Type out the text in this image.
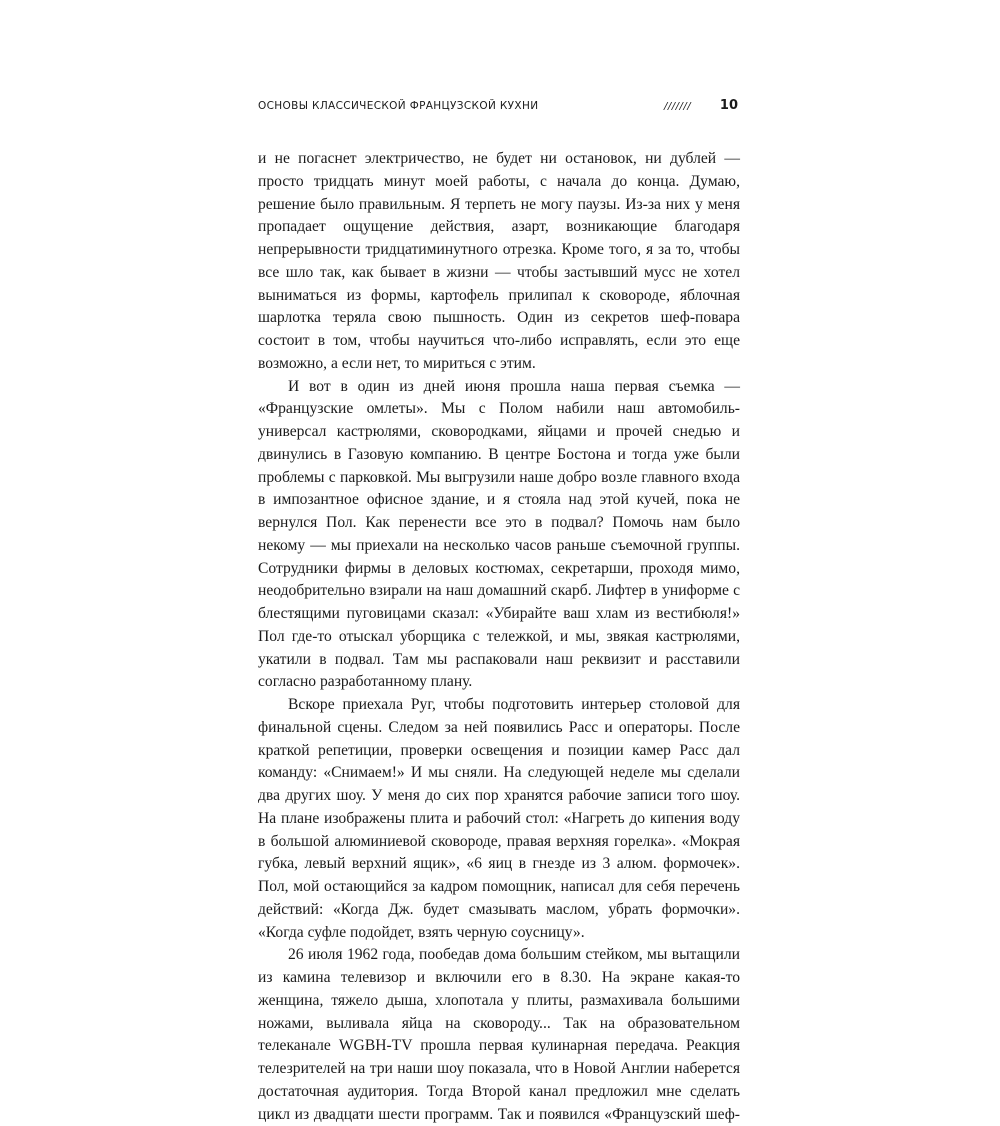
ОСНОВЫ КЛАССИЧЕСКОЙ ФРАНЦУЗСКОЙ КУХНИ	/////// 10

и не погаснет электричество, не будет ни остановок, ни дублей — просто тридцать минут моей работы, с начала до конца. Думаю, решение было правильным. Я терпеть не могу паузы. Из-за них у меня пропадает ощущение действия, азарт, возникающие благодаря непрерывности тридцатиминутного отрезка. Кроме того, я за то, чтобы все шло так, как бывает в жизни — чтобы застывший мусс не хотел выниматься из формы, картофель прилипал к сковороде, яблочная шарлотка теряла свою пышность. Один из секретов шеф-повара состоит в том, чтобы научиться что-либо исправлять, если это еще возможно, а если нет, то мириться с этим.

И вот в один из дней июня прошла наша первая съемка — «Французские омлеты». Мы с Полом набили наш автомобиль-универсал кастрюлями, сковородками, яйцами и прочей снедью и двинулись в Газовую компанию. В центре Бостона и тогда уже были проблемы с парковкой. Мы выгрузили наше добро возле главного входа в импозантное офисное здание, и я стояла над этой кучей, пока не вернулся Пол. Как перенести все это в подвал? Помочь нам было некому — мы приехали на несколько часов раньше съемочной группы. Сотрудники фирмы в деловых костюмах, секретарши, проходя мимо, неодобрительно взирали на наш домашний скарб. Лифтер в униформе с блестящими пуговицами сказал: «Убирайте ваш хлам из вестибюля!» Пол где-то отыскал уборщика с тележкой, и мы, звякая кастрюлями, укатили в подвал. Там мы распаковали наш реквизит и расставили согласно разработанному плану.

Вскоре приехала Руг, чтобы подготовить интерьер столовой для финальной сцены. Следом за ней появились Расс и операторы. После краткой репетиции, проверки освещения и позиции камер Расс дал команду: «Снимаем!» И мы сняли. На следующей неделе мы сделали два других шоу. У меня до сих пор хранятся рабочие записи того шоу. На плане изображены плита и рабочий стол: «Нагреть до кипения воду в большой алюминиевой сковороде, правая верхняя горелка». «Мокрая губка, левый верхний ящик», «6 яиц в гнезде из 3 алюм. формочек». Пол, мой остающийся за кадром помощник, написал для себя перечень действий: «Когда Дж. будет смазывать маслом, убрать формочки». «Когда суфле подойдет, взять черную соусницу».

26 июля 1962 года, пообедав дома большим стейком, мы вытащили из камина телевизор и включили его в 8.30. На экране какая-то женщина, тяжело дыша, хлопотала у плиты, размахивала большими ножами, выливала яйца на сковороду... Так на образовательном телеканале WGBH-TV прошла первая кулинарная передача. Реакция телезрителей на три наши шоу показала, что в Новой Англии наберется достаточная аудитория. Тогда Второй канал предложил мне сделать цикл из двадцати шести программ. Так и появился «Французский шеф-
